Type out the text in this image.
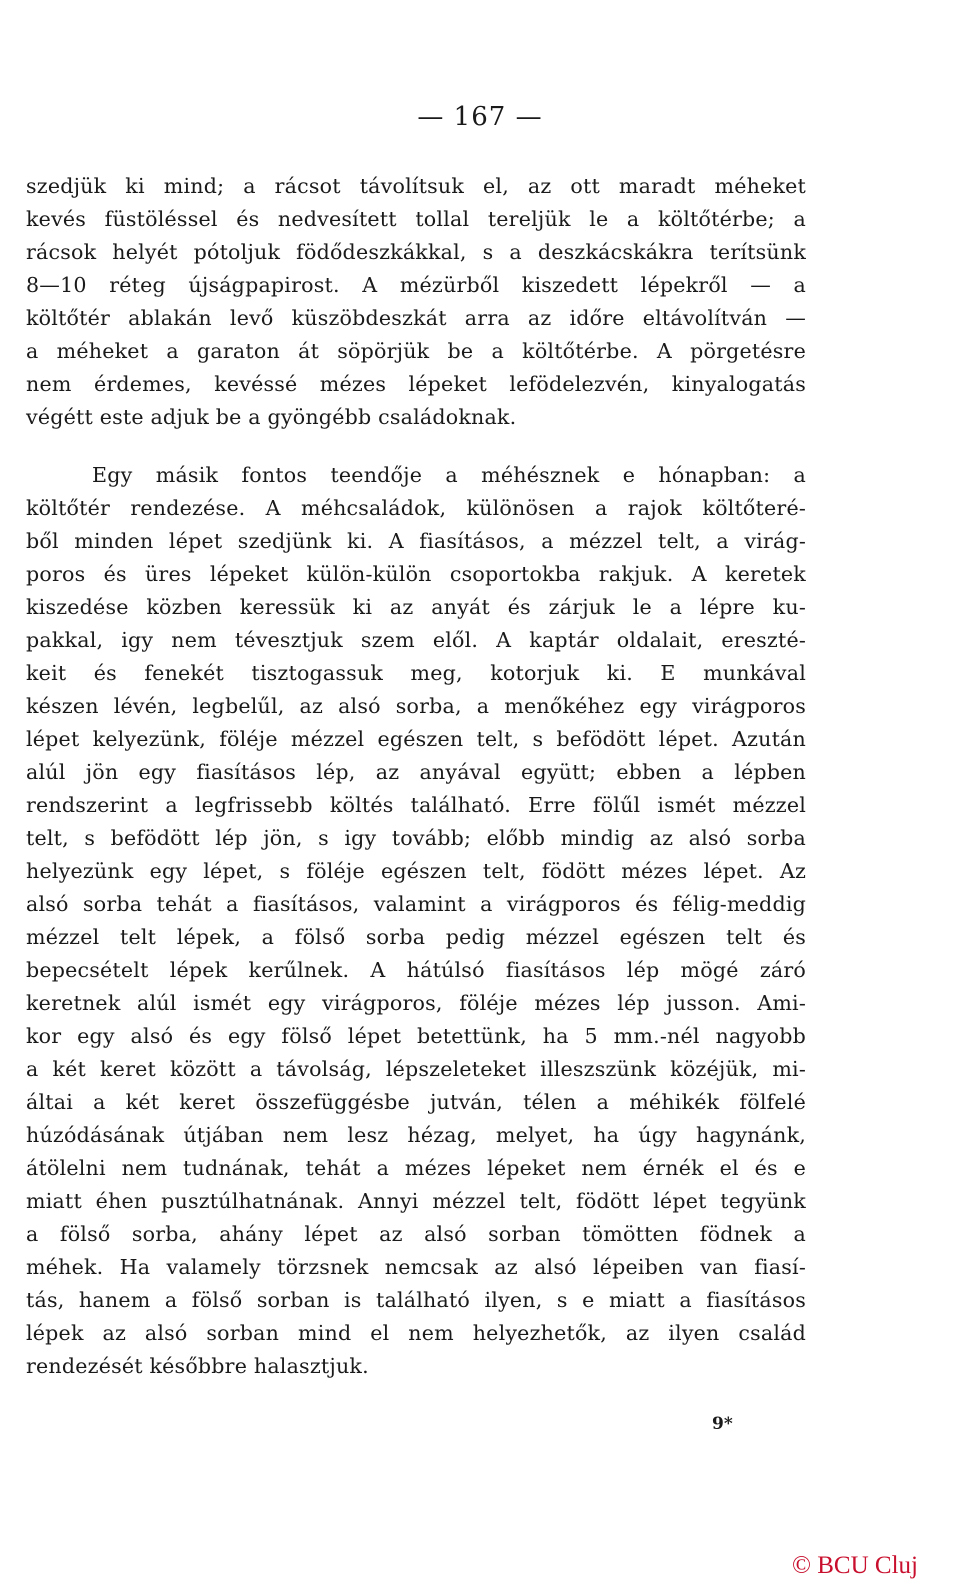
— 167 —
szedjük ki mind; a rácsot távolítsuk el, az ott maradt méheket
kevés füstöléssel és nedvesített tollal tereljük le a költőtérbe; a
rácsok helyét pótoljuk födődeszkákkal, s a deszkácskákra terítsünk
8—10 réteg újságpapirost. A mézürből kiszedett lépekről — a
költőtér ablakán levő küszöbdeszkát arra az időre eltávolítván —
a méheket a garaton át söpörjük be a költőtérbe. A pörgetésre
nem érdemes, kevéssé mézes lépeket lefödelezvén, kinyalogatás
végétt este adjuk be a gyöngébb családoknak.
Egy másik fontos teendője a méhésznek e hónapban: a
költőtér rendezése. A méhcsaládok, különösen a rajok költőteré-
ből minden lépet szedjünk ki. A fiasításos, a mézzel telt, a virág-
poros és üres lépeket külön-külön csoportokba rakjuk. A keretek
kiszedése közben keressük ki az anyát és zárjuk le a lépre ku-
pakkal, igy nem tévesztjuk szem elől. A kaptár oldalait, ereszté-
keit és fenekét tisztogassuk meg, kotorjuk ki. E munkával
készen lévén, legbelűl, az alsó sorba, a menőkéhez egy virágporos
lépet kelyezünk, föléje mézzel egészen telt, s befödött lépet. Azután
alúl jön egy fiasításos lép, az anyával együtt; ebben a lépben
rendszerint a legfrissebb költés található. Erre fölűl ismét mézzel
telt, s befödött lép jön, s igy tovább; előbb mindig az alsó sorba
helyezünk egy lépet, s föléje egészen telt, födött mézes lépet. Az
alsó sorba tehát a fiasításos, valamint a virágporos és félig-meddig
mézzel telt lépek, a fölső sorba pedig mézzel egészen telt és
bepecsételt lépek kerűlnek. A hátúlsó fiasításos lép mögé záró
keretnek alúl ismét egy virágporos, föléje mézes lép jusson. Ami-
kor egy alsó és egy fölső lépet betettünk, ha 5 mm.-nél nagyobb
a két keret között a távolság, lépszeleteket illeszszünk közéjük, mi-
áltai a két keret összefüggésbe jutván, télen a méhikék fölfelé
húzódásának útjában nem lesz hézag, melyet, ha úgy hagynánk,
átölelni nem tudnának, tehát a mézes lépeket nem érnék el és e
miatt éhen pusztúlhatnának. Annyi mézzel telt, födött lépet tegyünk
a fölső sorba, ahány lépet az alsó sorban tömötten födnek a
méhek. Ha valamely törzsnek nemcsak az alsó lépeiben van fiasí-
tás, hanem a fölső sorban is található ilyen, s e miatt a fiasításos
lépek az alsó sorban mind el nem helyezhetők, az ilyen család
rendezését későbbre halasztjuk.
9*
© BCU Cluj
